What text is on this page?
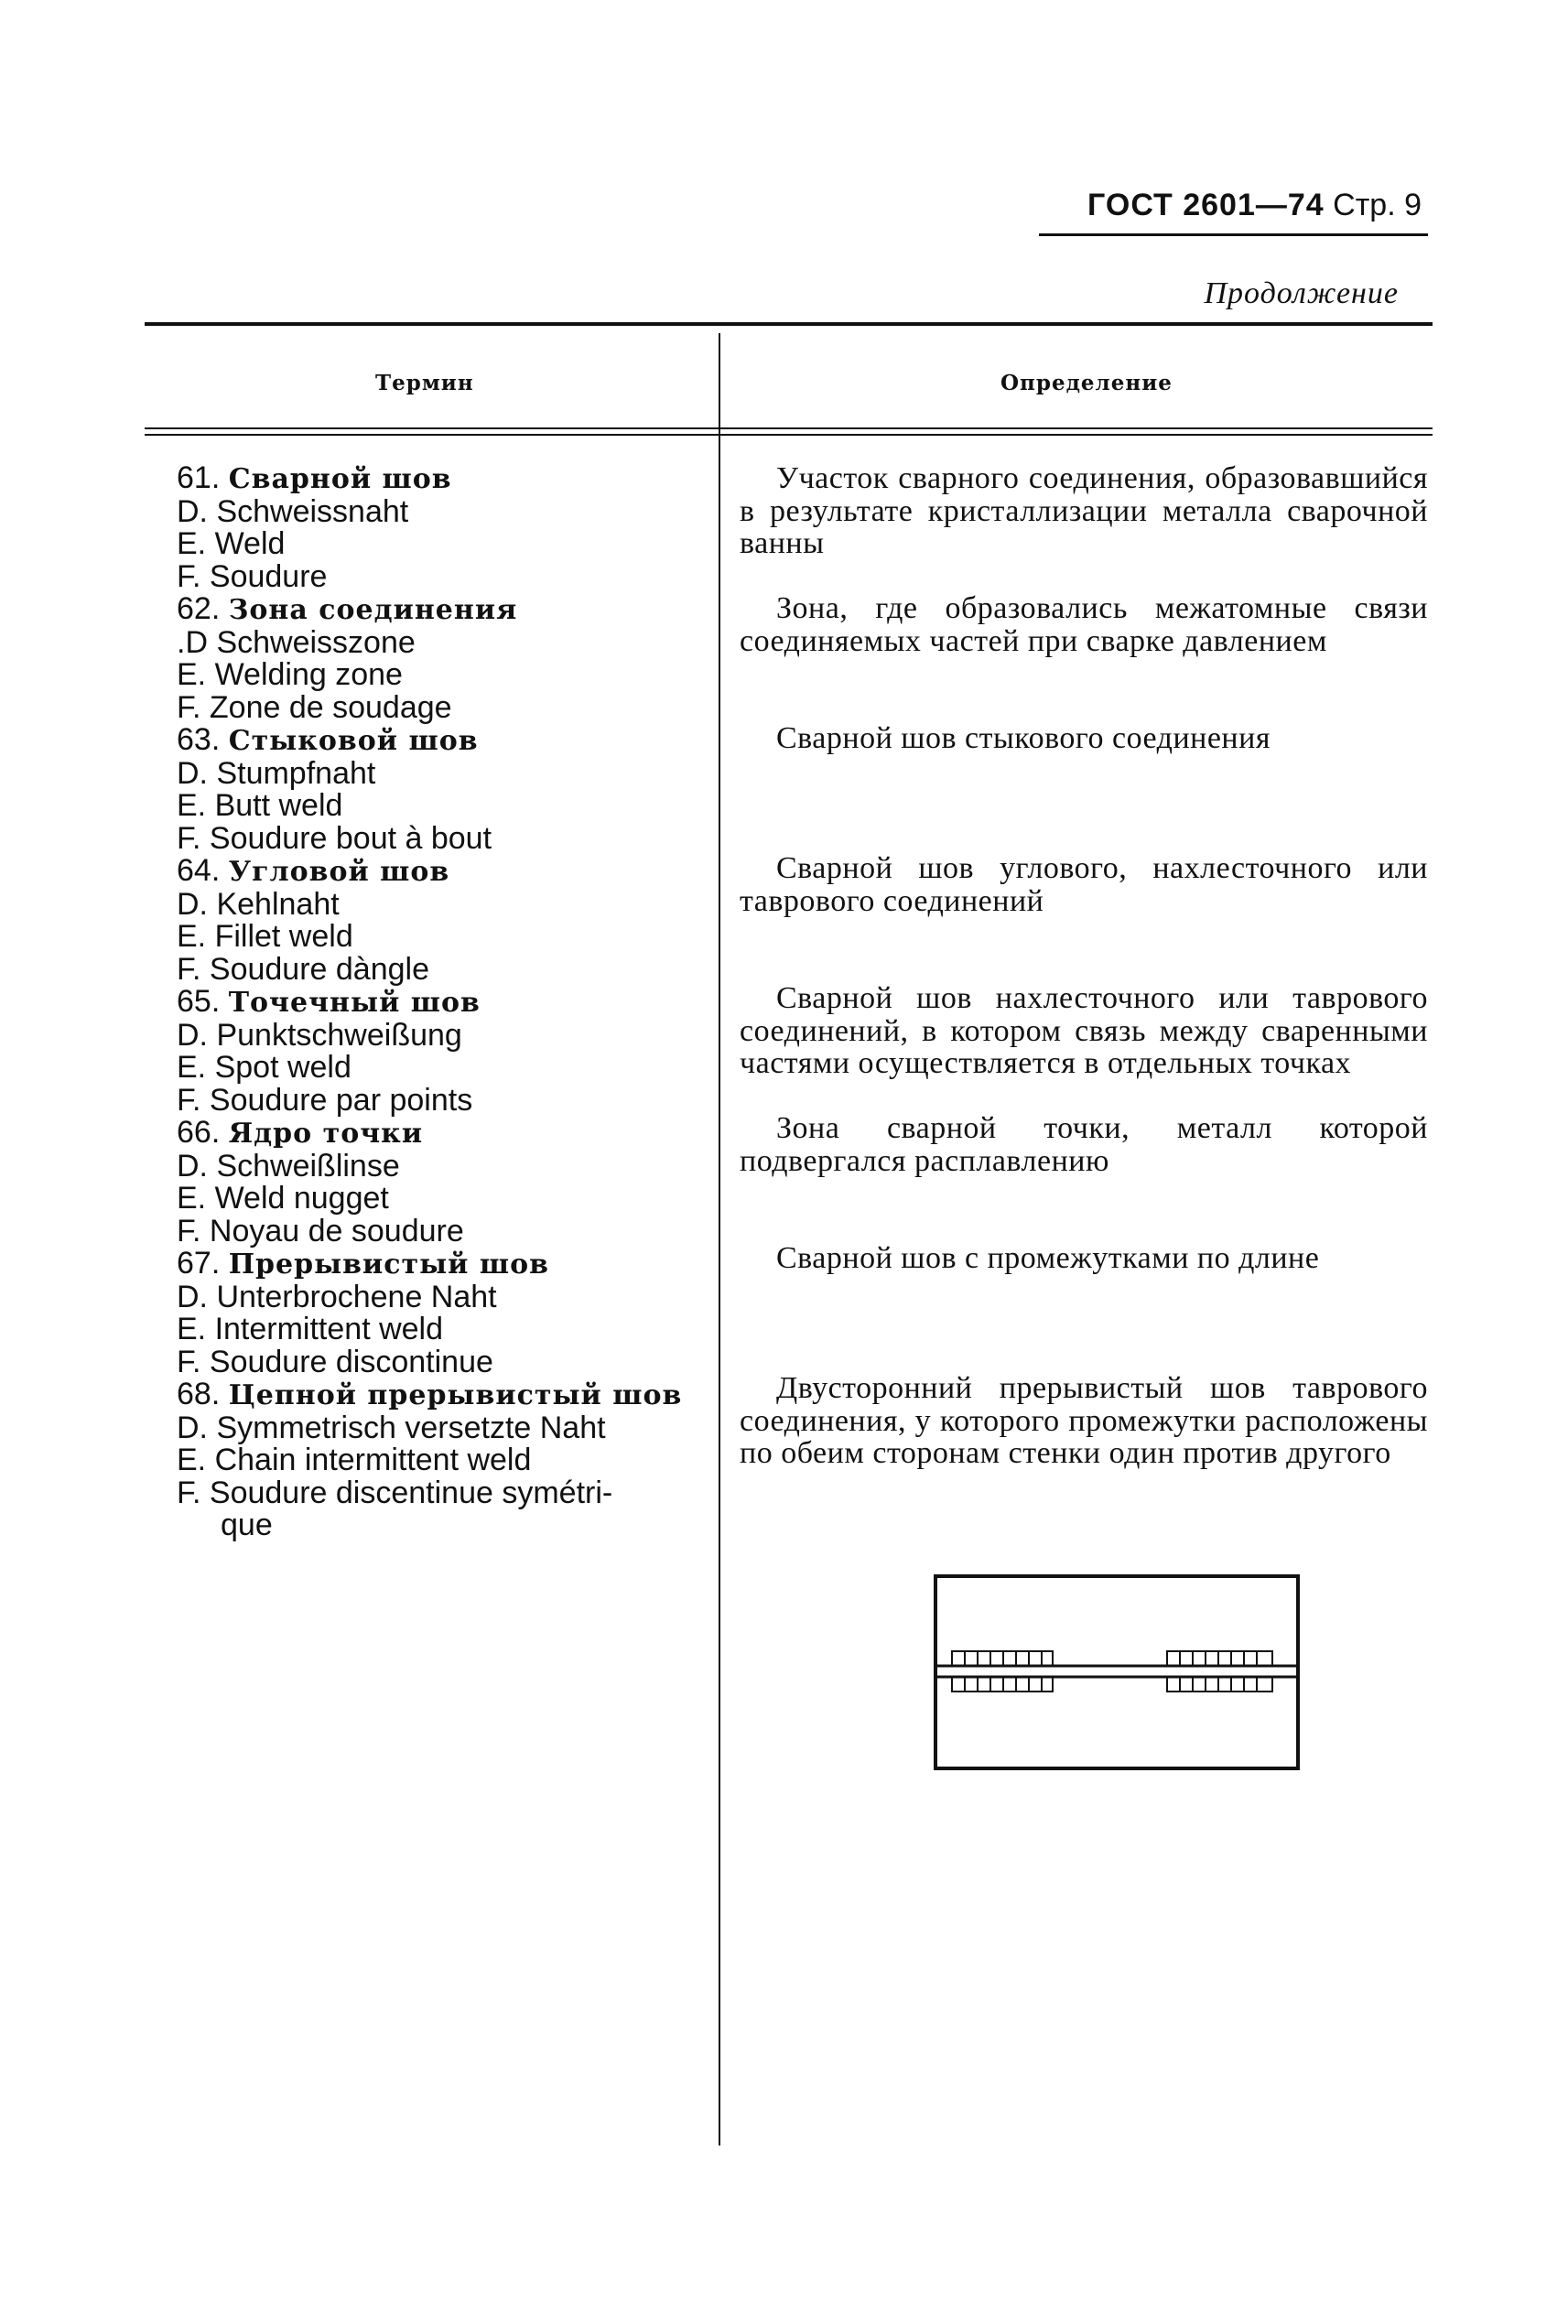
ГОСТ 2601—74 Стр. 9
Продолжение
Термин	Определение
61. Сварной шов
D. Schweissnaht
E. Weld
F. Soudure
62. Зона соединения
.D Schweisszone
E. Welding zone
F. Zone de soudage
63. Стыковой шов
D. Stumpfnaht
E. Butt weld
F. Soudure bout à bout
64. Угловой шов
D. Kehlnaht
E. Fillet weld
F. Soudure dàngle
65. Точечный шов
D. Punktschweißung
E. Spot weld
F. Soudure par points
66. Ядро точки
D. Schweißlinse
E. Weld nugget
F. Noyau de soudure
67. Прерывистый шов
D. Unterbrochene Naht
E. Intermittent weld
F. Soudure discontinue
68. Цепной прерывистый шов
D. Symmetrisch versetzte Naht
E. Chain intermittent weld
F. Soudure discentinue symétri-
que
Участок сварного соединения, образовавшийся в результате кристаллизации металла сварочной ванны
Зона, где образовались межатомные связи соединяемых частей при сварке давлением
Сварной шов стыкового соединения
Сварной шов углового, нахлесточного или таврового соединений
Сварной шов нахлесточного или таврового соединений, в котором связь между сваренными частями осуществляется в отдельных точках
Зона сварной точки, металл которой подвергался расплавлению
Сварной шов с промежутками по длине
Двусторонний прерывистый шов таврового соединения, у которого промежутки расположены по обеим сторонам стенки один против другого
